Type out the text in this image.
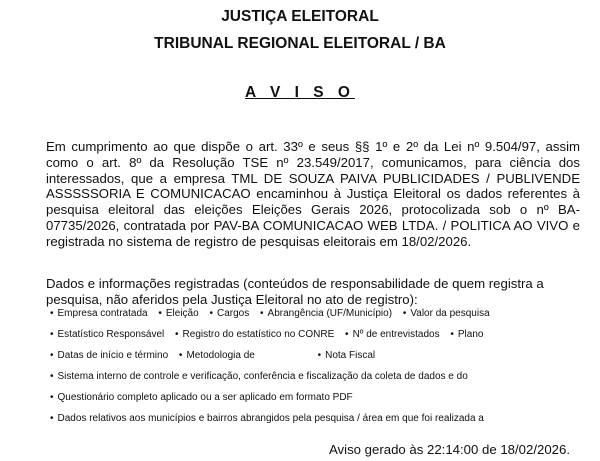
JUSTIÇA ELEITORAL
TRIBUNAL REGIONAL ELEITORAL / BA
A V I S O
Em cumprimento ao que dispõe o art. 33º e seus §§ 1º e 2º da Lei nº 9.504/97, assim como o art. 8º da Resolução TSE nº 23.549/2017, comunicamos, para ciência dos interessados, que a empresa TML DE SOUZA PAIVA PUBLICIDADES / PUBLIVENDE ASSSSSORIA E COMUNICACAO encaminhou à Justiça Eleitoral os dados referentes à pesquisa eleitoral das eleições Eleições Gerais 2026, protocolizada sob o nº BA-07735/2026, contratada por PAV-BA COMUNICACAO WEB LTDA. / POLITICA AO VIVO e registrada no sistema de registro de pesquisas eleitorais em 18/02/2026.
Dados e informações registradas (conteúdos de responsabilidade de quem registra a pesquisa, não aferidos pela Justiça Eleitoral no ato de registro):
• Empresa contratada • Eleição • Cargos • Abrangência (UF/Município) • Valor da pesquisa
• Estatístico Responsável • Registro do estatístico no CONRE • Nº de entrevistados • Plano
• Datas de início e término • Metodologia de	• Nota Fiscal
• Sistema interno de controle e verificação, conferência e fiscalização da coleta de dados e do
• Questionário completo aplicado ou a ser aplicado em formato PDF
• Dados relativos aos municípios e bairros abrangidos pela pesquisa / área em que foi realizada a
Aviso gerado às 22:14:00 de 18/02/2026.
